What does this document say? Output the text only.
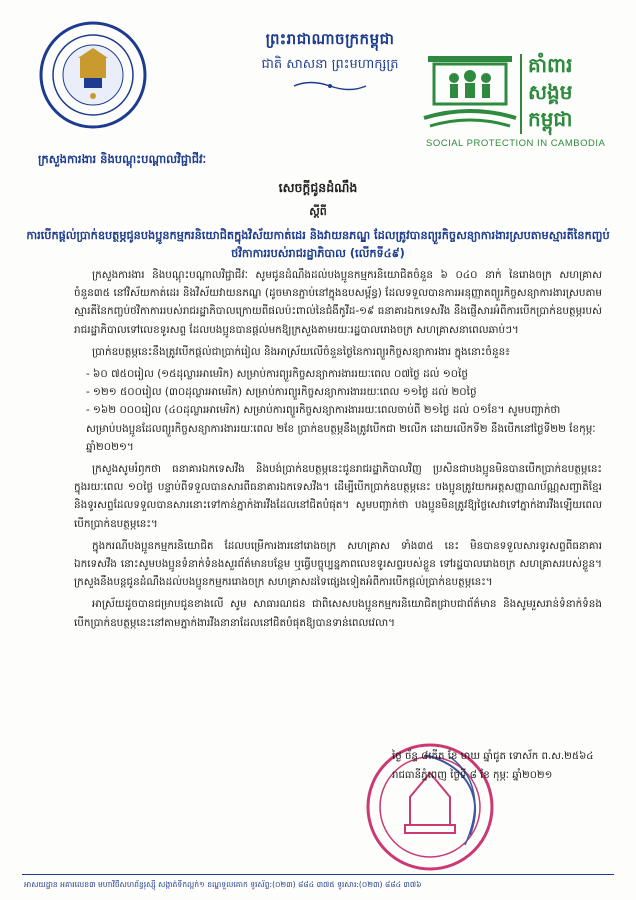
ព្រះរាជាណាចក្រកម្ពុជា
ជាតិ សាសនា ព្រះមហាក្សត្រ	គាំពារ
សង្គម
កម្ពុជា
SOCIAL PROTECTION IN CAMBODIA
ក្រសួងការងារ និងបណ្តុះបណ្តាលវិជ្ជាជីវៈ
សេចក្តីជូនដំណឹង
ស្តីពី
ការបើកផ្តល់ប្រាក់ឧបត្ថម្ភជូនបងប្អូនកម្មករនិយោជិតក្នុងវិស័យកាត់ដេរ និងវាយនភណ្ឌ ដែលត្រូវបានព្យួរកិច្ចសន្យាការងារស្របតាមស្មារតីនៃកញ្ចប់ថវិកាការរបស់រាជរដ្ឋាភិបាល (លើកទី៤៩)

ក្រសួងការងារ និងបណ្តុះបណ្តាលវិជ្ជាជីវៈ សូមជូនដំណឹងដល់បងប្អូនកម្មករនិយោជិតចំនួន ៦ ០៤០ នាក់ នៃរោងចក្រ សហគ្រាស ចំនួន៣៥ នៅវិស័យកាត់ដេរ និងវិស័យវាយនភណ្ឌ (ដូចមានភ្ជាប់នៅក្នុងឧបសម្ព័ន្ធ) ដែលទទួលបានការអនុញ្ញាតព្យួរកិច្ចសន្យាការងារស្របតាមស្មារតីនៃកញ្ចប់ថវិកាការរបស់រាជរដ្ឋាភិបាលក្រោយពីផលប៉ះពាល់នៃជំងឺកូវីដ-១៩ ធនាគារឯកទេសវីង នឹងផ្ញើសារអំពីការបើកប្រាក់ឧបត្ថម្ភរបស់រាជរដ្ឋាភិបាលទៅលេខទូរសព្ទ ដែលបងប្អូនបានផ្តល់មកឱ្យក្រសួងតាមរយៈរដ្ឋបាលរោងចក្រ សហគ្រាសនាពេលឆាប់ៗ។

ប្រាក់ឧបត្ថម្ភនេះនឹងត្រូវបើកផ្តល់ជាប្រាក់រៀល និងអាស្រ័យលើចំនួនថ្ងៃនៃការព្យួរកិច្ចសន្យាការងារ ក្នុងនោះចំនួន៖

- ៦០ ៧៥០រៀល (១៥ដុល្លារអាមេរិក) សម្រាប់ការព្យួរកិច្ចសន្យាការងាររយៈពេល ០៧ថ្ងៃ ដល់ ១០ថ្ងៃ

- ១២១ ៥០០រៀល (៣០ដុល្លារអាមេរិក) សម្រាប់ការព្យួរកិច្ចសន្យាការងាររយៈពេល ១១ថ្ងៃ ដល់ ២០ថ្ងៃ

- ១៦២ ០០០រៀល (៤០ដុល្លារអាមេរិក) សម្រាប់ការព្យួរកិច្ចសន្យាការងាររយៈពេលចាប់ពី ២១ថ្ងៃ ដល់ ០១ខែ។ សូមបញ្ជាក់ថា សម្រាប់បងប្អូនដែលព្យួរកិច្ចសន្យាការងាររយៈពេល ២ខែ ប្រាក់ឧបត្ថម្ភនឹងត្រូវបើកជា ២លើក ដោយលើកទី២ នឹងបើកនៅថ្ងៃទី២២ ខែកុម្ភៈ ឆ្នាំ២០២១។

ក្រសួងសូមរំឭកថា ធនាគារឯកទេសវីង និងបង់ប្រាក់ឧបត្ថម្ភនេះជូនរាជរដ្ឋាភិបាលវិញ ប្រសិនជាបងប្អូនមិនបានបើកប្រាក់ឧបត្ថម្ភនេះ ក្នុងរយៈពេល ១០ថ្ងៃ បន្ទាប់ពីទទួលបានសារពីធនាគារឯកទេសវីង។ ដើម្បីបើកប្រាក់ឧបត្ថម្ភនេះ បងប្អូនត្រូវយកអត្តសញ្ញាណប័ណ្ណសញ្ជាតិខ្មែរ និងទូរសព្ទដែលទទួលបានសារនោះទៅកាន់ភ្នាក់ងារវីងដែលនៅជិតបំផុត។ សូមបញ្ជាក់ថា បងប្អូនមិនត្រូវឱ្យថ្លៃសេវាទៅភ្នាក់ងារវីងឡើយពេលបើកប្រាក់ឧបត្ថម្ភនេះ។

ក្នុងករណីបងប្អូនកម្មករនិយោជិត ដែលបម្រើការងារនៅរោងចក្រ សហគ្រាស ទាំង៣៥ នេះ មិនបានទទួលសារទូរសព្ទពីធនាគារឯកទេសវីង នោះសូមបងប្អូនទំនាក់ទំនងសួរព័ត៌មានបន្ថែម ឬធ្វើបច្ចុប្បន្នភាពលេខទូរសព្ទរបស់ខ្លួន ទៅរដ្ឋបាលរោងចក្រ សហគ្រាសរបស់ខ្លួន។ ក្រសួងនឹងបន្តជូនដំណឹងដល់បងប្អូនកម្មកររោងចក្រ សហគ្រាសដទៃផ្សេងទៀតអំពីការបើកផ្តល់ប្រាក់ឧបត្ថម្ភនេះ។

អាស្រ័យដូចបានជម្រាបជូនខាងលើ សូម សាធារណជន ជាពិសេសបងប្អូនកម្មករនិយោជិតជ្រាបជាព័ត៌មាន និងសូមរួសរាន់ទំនាក់ទំនងបើកប្រាក់ឧបត្ថម្ភនេះនៅតាមភ្នាក់ងារវីងនានាដែលនៅជិតបំផុតឱ្យបានទាន់ពេលវេលា។

ថ្ងៃ ច័ន្ទ ៨កើត ខែ មាឃ ឆ្នាំជូត ទោស័ក ព.ស.២៥៦៤
រាជធានីភ្នំពេញ ថ្ងៃទី ៨ ខែ កុម្ភៈ ឆ្នាំ២០២១
អាសយដ្ឋាន អគារលេខ៣ មហាវិថីសហព័ន្ធរុស្ស៊ី សង្កាត់ទឹកល្អក់១ ខណ្ឌទួលគោក ទូរស័ព្ទ:(០២៣) ៨៨៤ ៣៧៥ ទូរសារ:(០២៣) ៨៨៤ ៣៧៦
